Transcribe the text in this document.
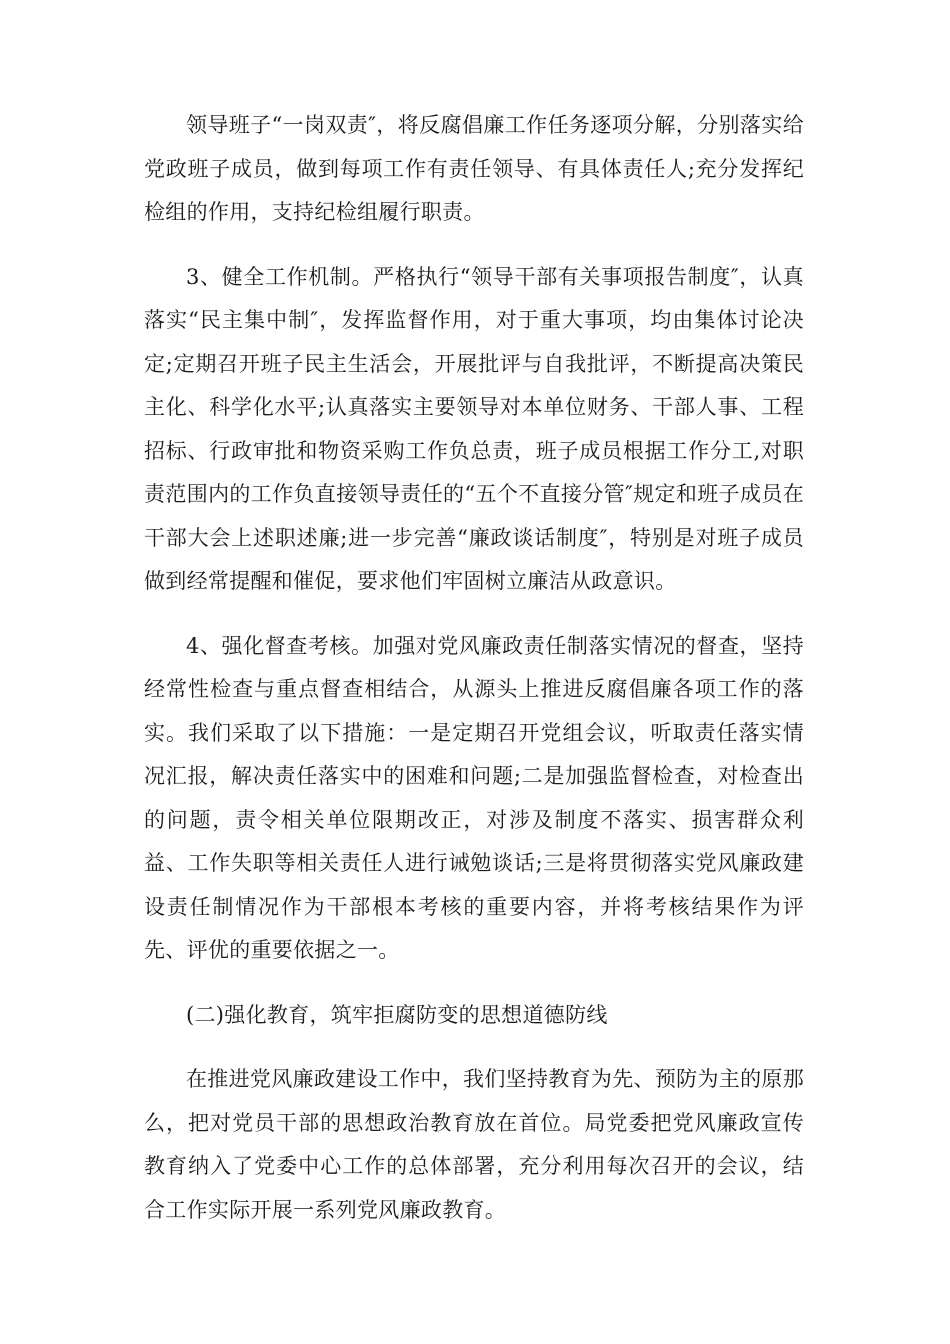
领导班子“一岗双责″，将反腐倡廉工作任务逐项分解，分别落实给党政班子成员，做到每项工作有责任领导、有具体责任人;充分发挥纪检组的作用，支持纪检组履行职责。

3、健全工作机制。严格执行“领导干部有关事项报告制度″，认真落实“民主集中制″，发挥监督作用，对于重大事项，均由集体讨论决定;定期召开班子民主生活会，开展批评与自我批评，不断提高决策民主化、科学化水平;认真落实主要领导对本单位财务、干部人事、工程招标、行政审批和物资采购工作负总责，班子成员根据工作分工,对职责范围内的工作负直接领导责任的“五个不直接分管″规定和班子成员在干部大会上述职述廉;进一步完善“廉政谈话制度″，特别是对班子成员做到经常提醒和催促，要求他们牢固树立廉洁从政意识。

4、强化督查考核。加强对党风廉政责任制落实情况的督查，坚持经常性检查与重点督查相结合，从源头上推进反腐倡廉各项工作的落实。我们采取了以下措施：一是定期召开党组会议，听取责任落实情况汇报，解决责任落实中的困难和问题;二是加强监督检查，对检查出的问题，责令相关单位限期改正，对涉及制度不落实、损害群众利益、工作失职等相关责任人进行诫勉谈话;三是将贯彻落实党风廉政建设责任制情况作为干部根本考核的重要内容，并将考核结果作为评先、评优的重要依据之一。

(二)强化教育，筑牢拒腐防变的思想道德防线

在推进党风廉政建设工作中，我们坚持教育为先、预防为主的原那么，把对党员干部的思想政治教育放在首位。局党委把党风廉政宣传教育纳入了党委中心工作的总体部署，充分利用每次召开的会议，结合工作实际开展一系列党风廉政教育。
